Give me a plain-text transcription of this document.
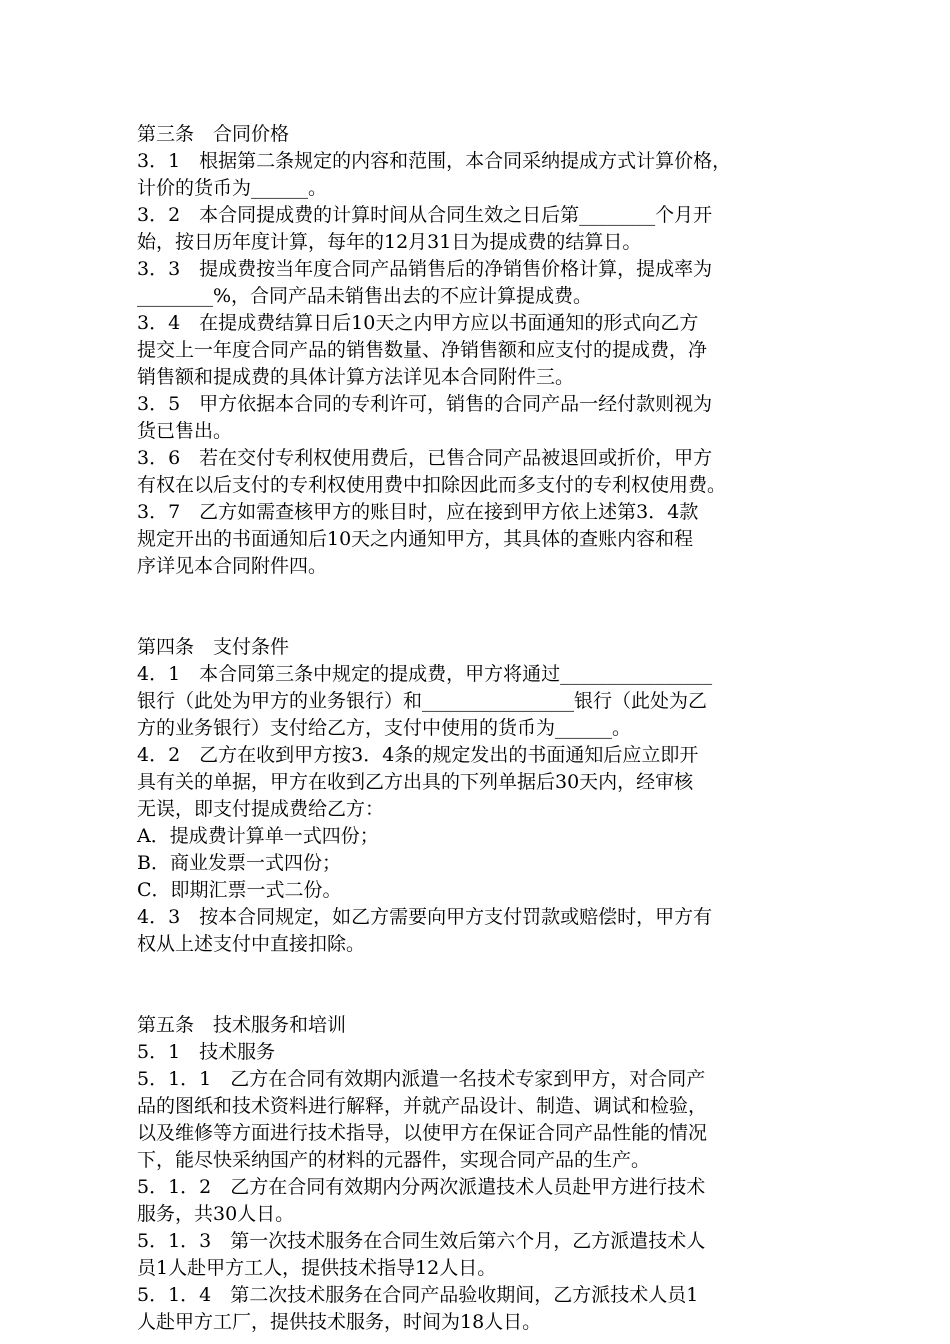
第三条　合同价格
3．1　根据第二条规定的内容和范围，本合同采纳提成方式计算价格，
计价的货币为______。
3．2　本合同提成费的计算时间从合同生效之日后第________个月开
始，按日历年度计算，每年的12月31日为提成费的结算日。
3．3　提成费按当年度合同产品销售后的净销售价格计算，提成率为
________%，合同产品未销售出去的不应计算提成费。
3．4　在提成费结算日后10天之内甲方应以书面通知的形式向乙方
提交上一年度合同产品的销售数量、净销售额和应支付的提成费，净
销售额和提成费的具体计算方法详见本合同附件三。
3．5　甲方依据本合同的专利许可，销售的合同产品一经付款则视为
货已售出。
3．6　若在交付专利权使用费后，已售合同产品被退回或折价，甲方
有权在以后支付的专利权使用费中扣除因此而多支付的专利权使用费。
3．7　乙方如需查核甲方的账目时，应在接到甲方依上述第3．4款
规定开出的书面通知后10天之内通知甲方，其具体的查账内容和程
序详见本合同附件四。
第四条　支付条件
4．1　本合同第三条中规定的提成费，甲方将通过________________
银行（此处为甲方的业务银行）和________________银行（此处为乙
方的业务银行）支付给乙方，支付中使用的货币为______。
4．2　乙方在收到甲方按3．4条的规定发出的书面通知后应立即开
具有关的单据，甲方在收到乙方出具的下列单据后30天内，经审核
无误，即支付提成费给乙方：
A．提成费计算单一式四份；
B．商业发票一式四份；
C．即期汇票一式二份。
4．3　按本合同规定，如乙方需要向甲方支付罚款或赔偿时，甲方有
权从上述支付中直接扣除。
第五条　技术服务和培训
5．1　技术服务
5．1．1　乙方在合同有效期内派遣一名技术专家到甲方，对合同产
品的图纸和技术资料进行解释，并就产品设计、制造、调试和检验，
以及维修等方面进行技术指导，以使甲方在保证合同产品性能的情况
下，能尽快采纳国产的材料的元器件，实现合同产品的生产。
5．1．2　乙方在合同有效期内分两次派遣技术人员赴甲方进行技术
服务，共30人日。
5．1．3　第一次技术服务在合同生效后第六个月，乙方派遣技术人
员1人赴甲方工人，提供技术指导12人日。
5．1．4　第二次技术服务在合同产品验收期间，乙方派技术人员1
人赴甲方工厂，提供技术服务，时间为18人日。
